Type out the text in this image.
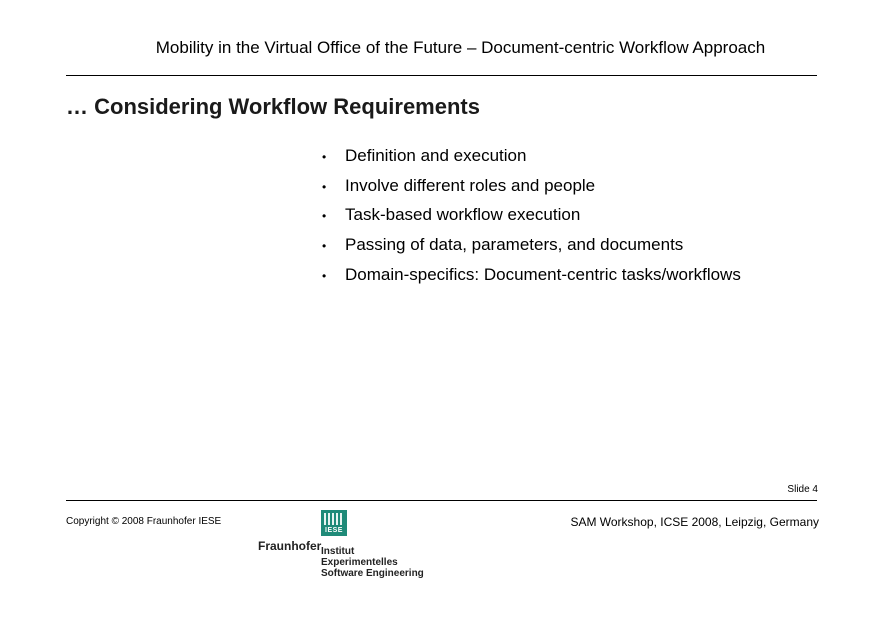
Mobility in the Virtual Office of the Future – Document-centric Workflow Approach
… Considering Workflow Requirements
•	Definition and execution
•	Involve different roles and people
•	Task-based workflow execution
•	Passing of data, parameters, and documents
•	Domain-specifics: Document-centric tasks/workflows
Slide 4
Copyright © 2008 Fraunhofer IESE
IESE
Fraunhofer Institut
Experimentelles
Software Engineering
SAM Workshop, ICSE 2008, Leipzig, Germany
